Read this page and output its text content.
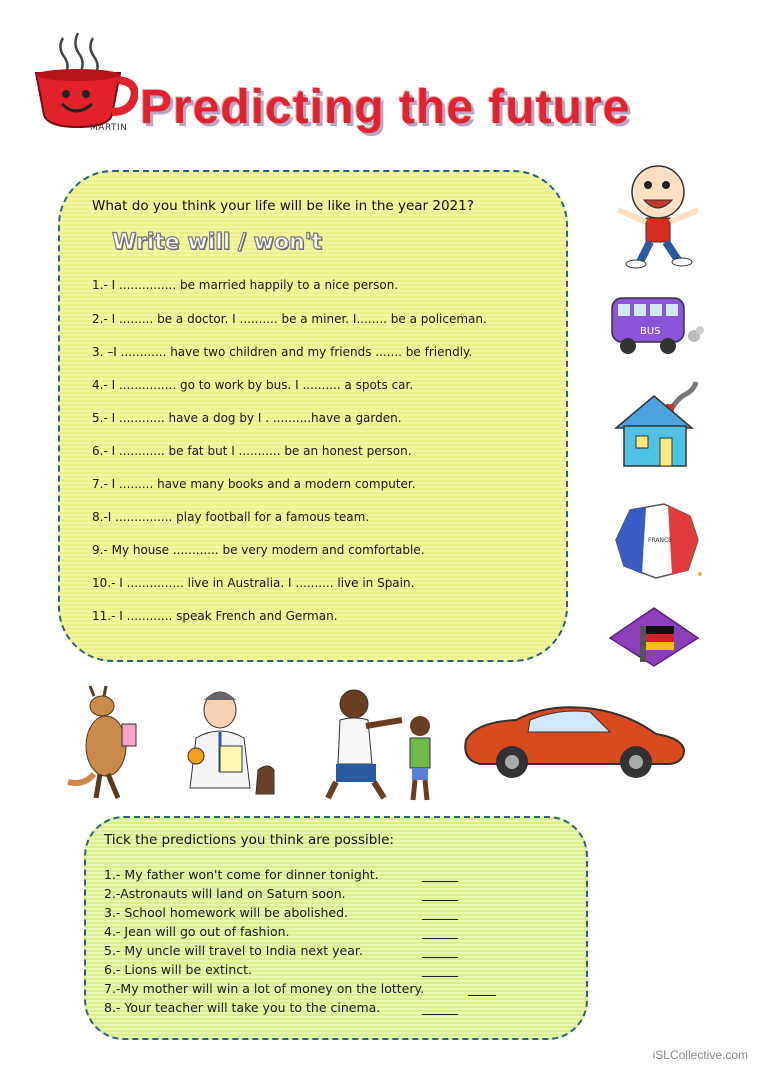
MARTIN Predicting the future
What do you think your life will be like in the year 2021?
Write will / won't
1.- I ............... be married happily to a nice person.
2.- I ......... be a doctor. I .......... be a miner. I........ be a policeman.
3. –I ............ have two children and my friends ....... be friendly.
4.- I ............... go to work by bus. I .......... a spots car.
5.- I ............ have a dog by I . ..........have a garden.
6.- I ............ be fat but I ........... be an honest person.
7.- I ......... have many books and a modern computer.
8.-I ............... play football for a famous team.
9.- My house ............ be very modern and comfortable.
10.- I ............... live in Australia. I .......... live in Spain.
11.- I ............ speak French and German.
BUS
FRANCE
Tick the predictions you think are possible:
1.- My father won't come for dinner tonight.
2.-Astronauts will land on Saturn soon.
3.- School homework will be abolished.
4.- Jean will go out of fashion.
5.- My uncle will travel to India next year.
6.- Lions will be extinct.
7.-My mother will win a lot of money on the lottery.
8.- Your teacher will take you to the cinema.
iSLCollective.com
